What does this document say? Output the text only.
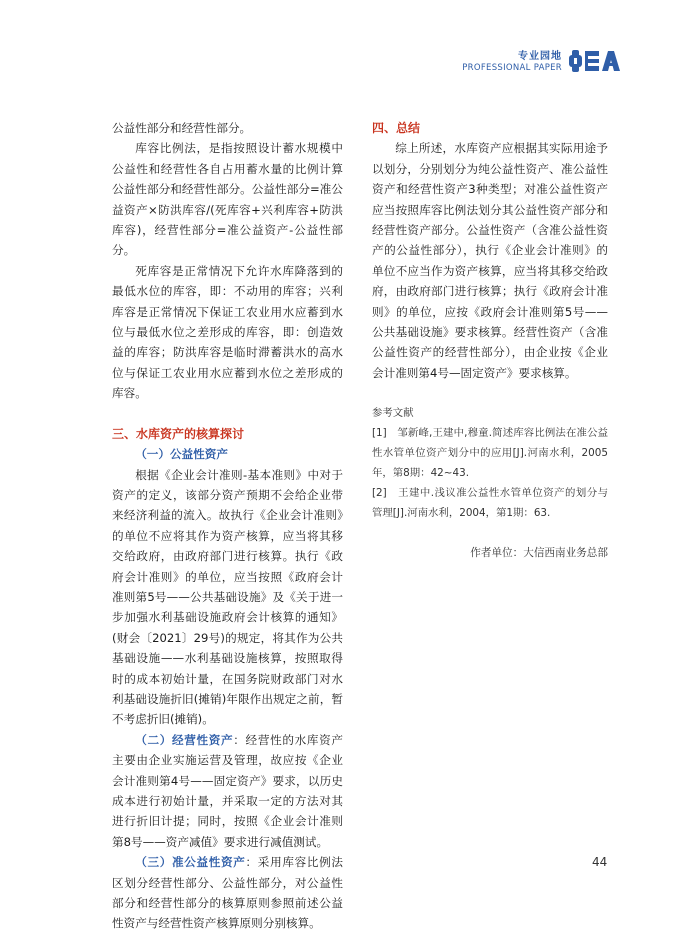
专业园地
PROFESSIONAL PAPER

公益性部分和经营性部分。

库容比例法，是指按照设计蓄水规模中公益性和经营性各自占用蓄水量的比例计算公益性部分和经营性部分。公益性部分=准公益资产×防洪库容/(死库容+兴利库容+防洪库容)，经营性部分=准公益资产-公益性部分。

死库容是正常情况下允许水库降落到的最低水位的库容，即：不动用的库容；兴利库容是正常情况下保证工农业用水应蓄到水位与最低水位之差形成的库容，即：创造效益的库容；防洪库容是临时滞蓄洪水的高水位与保证工农业用水应蓄到水位之差形成的库容。

三、水库资产的核算探讨

（一）公益性资产

根据《企业会计准则-基本准则》中对于资产的定义，该部分资产预期不会给企业带来经济利益的流入。故执行《企业会计准则》的单位不应将其作为资产核算，应当将其移交给政府，由政府部门进行核算。执行《政府会计准则》的单位，应当按照《政府会计准则第5号——公共基础设施》及《关于进一步加强水利基础设施政府会计核算的通知》(财会〔2021〕29号)的规定，将其作为公共基础设施——水利基础设施核算，按照取得时的成本初始计量，在国务院财政部门对水利基础设施折旧(摊销)年限作出规定之前，暂不考虑折旧(摊销)。

（二）经营性资产：经营性的水库资产主要由企业实施运营及管理，故应按《企业会计准则第4号——固定资产》要求，以历史成本进行初始计量，并采取一定的方法对其进行折旧计提；同时，按照《企业会计准则第8号——资产减值》要求进行减值测试。

（三）准公益性资产：采用库容比例法区划分经营性部分、公益性部分，对公益性部分和经营性部分的核算原则参照前述公益性资产与经营性资产核算原则分别核算。

四、总结

综上所述，水库资产应根据其实际用途予以划分，分别划分为纯公益性资产、准公益性资产和经营性资产3种类型；对准公益性资产应当按照库容比例法划分其公益性资产部分和经营性资产部分。公益性资产（含准公益性资产的公益性部分），执行《企业会计准则》的单位不应当作为资产核算，应当将其移交给政府，由政府部门进行核算；执行《政府会计准则》的单位，应按《政府会计准则第5号——公共基础设施》要求核算。经营性资产（含准公益性资产的经营性部分），由企业按《企业会计准则第4号—固定资产》要求核算。

参考文献

[1]　邹新峰,王建中,穆童.简述库容比例法在准公益性水管单位资产划分中的应用[J].河南水利，2005年，第8期：42~43.

[2]　王建中.浅议准公益性水管单位资产的划分与管理[J].河南水利，2004，第1期：63.

作者单位：大信西南业务总部

44
